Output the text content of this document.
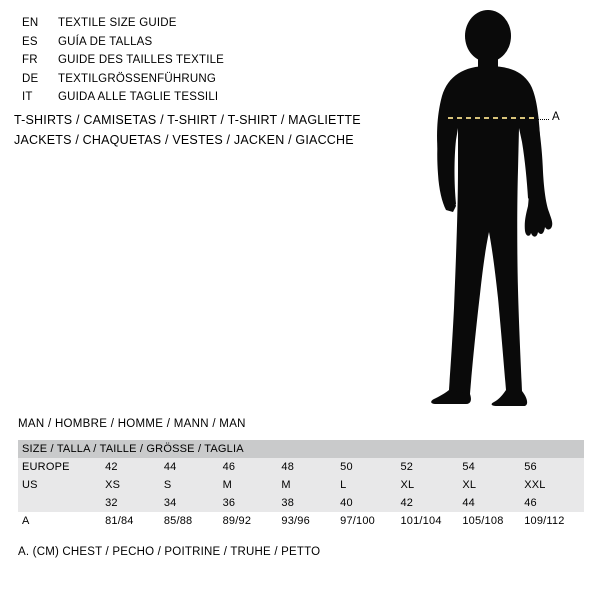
EN	TEXTILE SIZE GUIDE
ES	GUÍA DE TALLAS
FR	GUIDE DES TAILLES TEXTILE
DE	TEXTILGRÖSSENFÜHRUNG
IT	GUIDA ALLE TAGLIE TESSILI
T-SHIRTS / CAMISETAS / T-SHIRT / T-SHIRT / MAGLIETTE
JACKETS / CHAQUETAS / VESTES / JACKEN / GIACCHE
A
MAN / HOMBRE / HOMME / MANN / MAN
SIZE / TALLA / TAILLE / GRÖSSE / TAGLIA								
EUROPE	42	44	46	48	50	52	54	56
US	XS	S	M	M	L	XL	XL	XXL
	32	34	36	38	40	42	44	46
A	81/84	85/88	89/92	93/96	97/100	101/104	105/108	109/112
A. (CM) CHEST / PECHO / POITRINE / TRUHE / PETTO
